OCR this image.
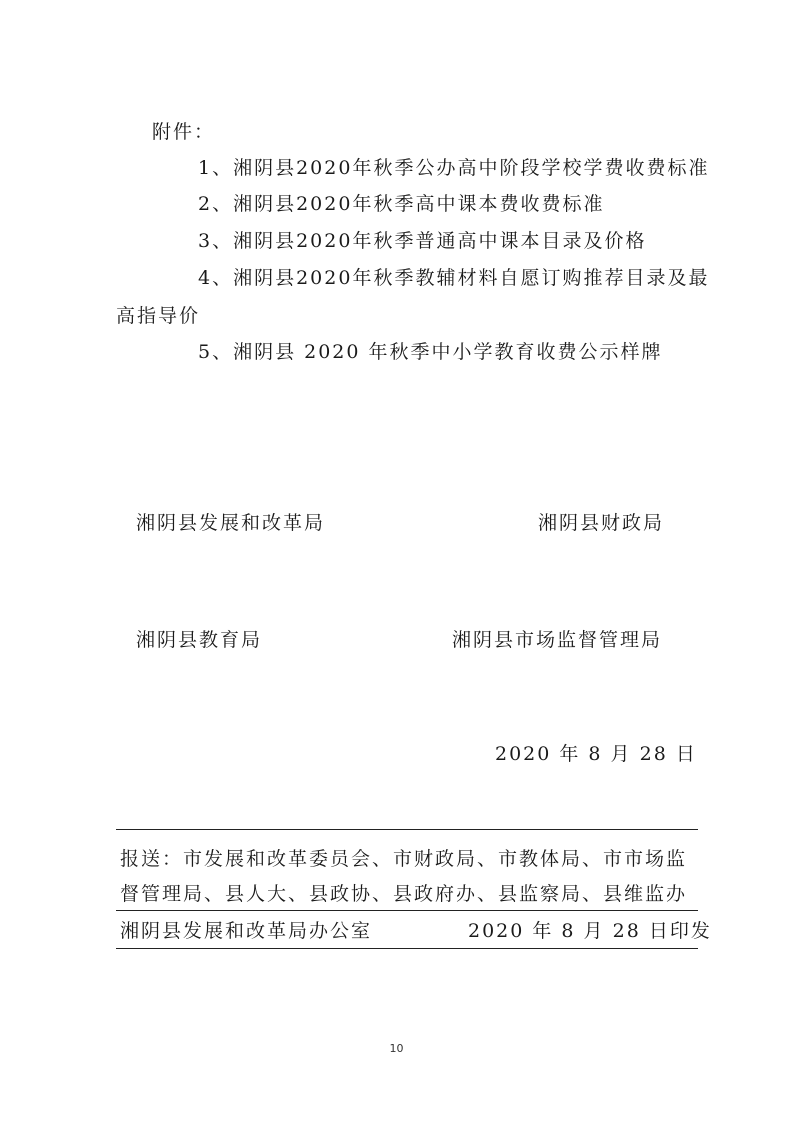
附件：
1、湘阴县2020年秋季公办高中阶段学校学费收费标准
2、湘阴县2020年秋季高中课本费收费标准
3、湘阴县2020年秋季普通高中课本目录及价格
4、湘阴县2020年秋季教辅材料自愿订购推荐目录及最
高指导价
5、湘阴县 2020 年秋季中小学教育收费公示样牌
湘阴县发展和改革局	湘阴县财政局
湘阴县教育局	湘阴县市场监督管理局
2020 年 8 月 28 日
报送：市发展和改革委员会、市财政局、市教体局、市市场监
督管理局、县人大、县政协、县政府办、县监察局、县维监办
湘阴县发展和改革局办公室	2020 年 8 月 28 日印发
10
